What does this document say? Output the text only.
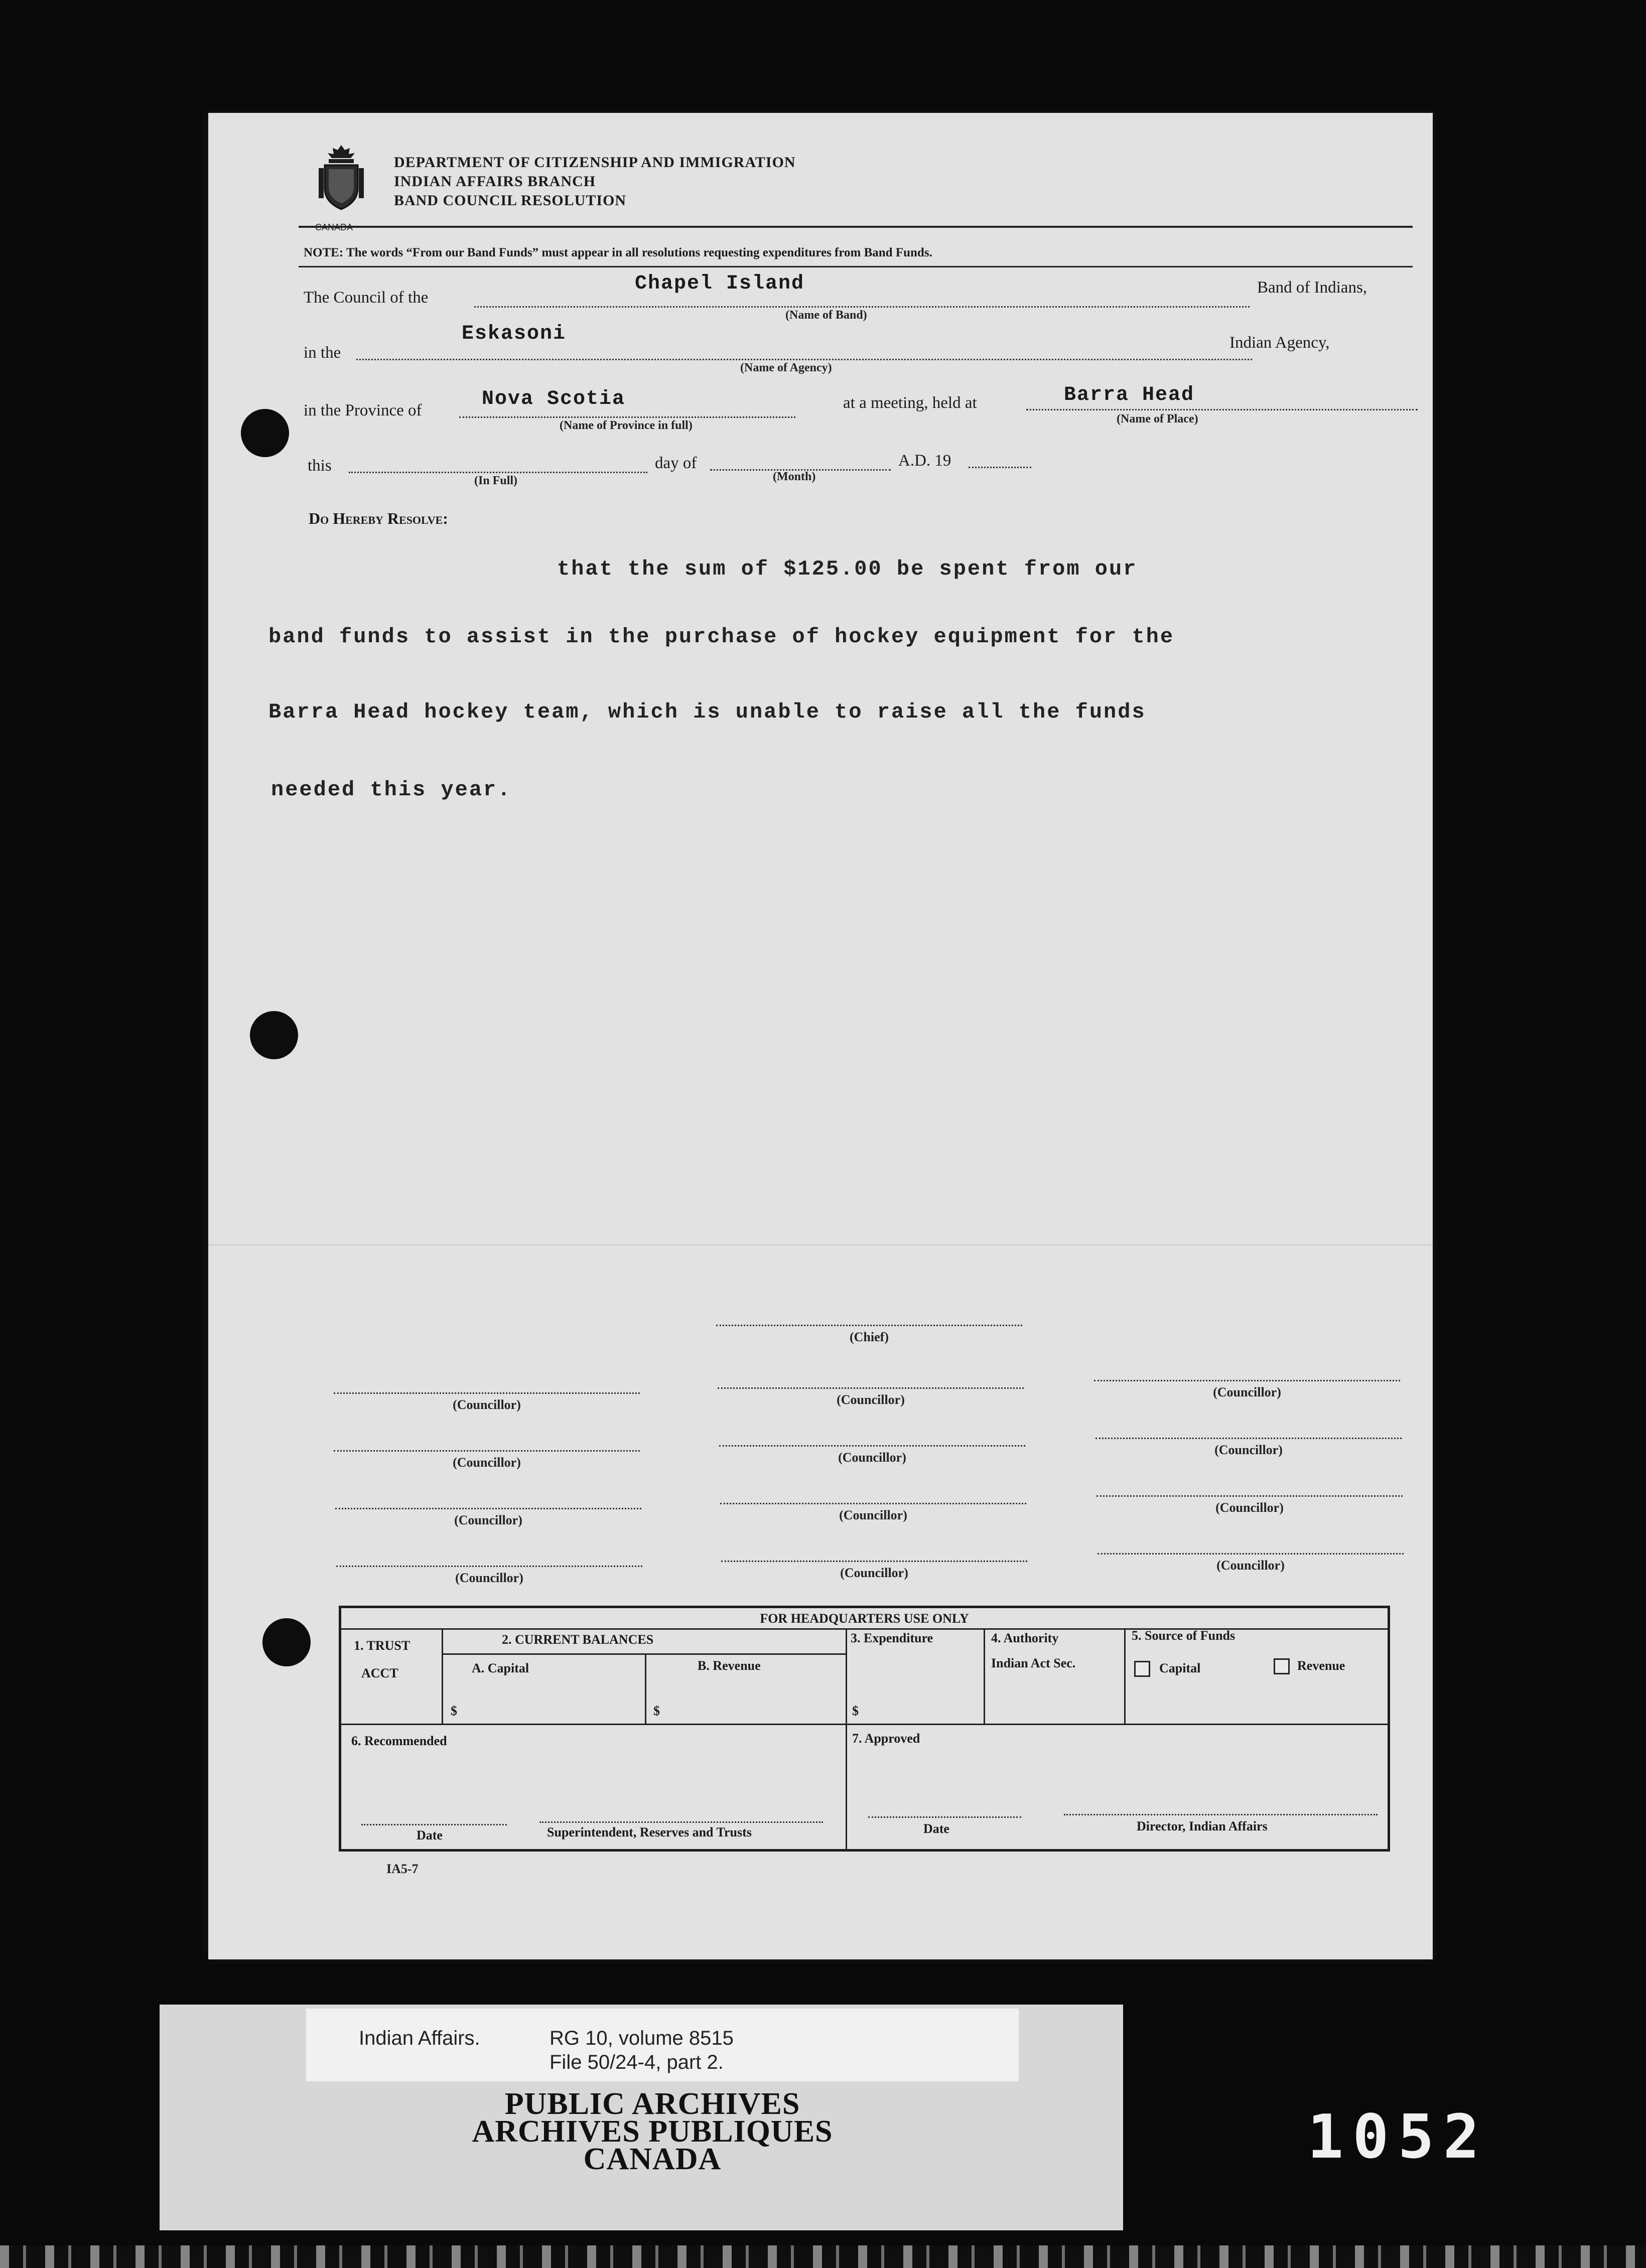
DEPARTMENT OF CITIZENSHIP AND IMMIGRATION
INDIAN AFFAIRS BRANCH
BAND COUNCIL RESOLUTION
NOTE: The words “From our Band Funds” must appear in all resolutions requesting expenditures from Band Funds.
The Council of the
Chapel Island	Band of Indians,
(Name of Band)
in the
Eskasoni	Indian Agency,
(Name of Agency)
in the Province of	Nova Scotia
(Name of Province in full)
at a meeting, held at	Barra Head
(Name of Place)
this
(In Full)
day of
(Month)
A.D. 19
Do Hereby Resolve:
that the sum of $125.00 be spent from our
band funds to assist in the purchase of hockey equipment for the
Barra Head hockey team, which is unable to raise all the funds
needed this year.
(Chief)
(Councillor)	(Councillor)
(Councillor)
(Councillor)	(Councillor)
(Councillor)
(Councillor)	(Councillor)
(Councillor)
(Councillor)	(Councillor)
(Councillor)
FOR HEADQUARTERS USE ONLY
1. TRUST
ACCT
2. CURRENT BALANCES
A. Capital	B. Revenue
$	$
3. Expenditure
$
4. Authority
Indian Act Sec.
5. Source of Funds
Capital	Revenue
6. Recommended	7. Approved
Date	Superintendent, Reserves and Trusts	Date	Director, Indian Affairs
IA5-7
Indian Affairs.	RG 10, volume 8515
File 50/24-4, part 2.
PUBLIC ARCHIVES
ARCHIVES PUBLIQUES
CANADA	1052
